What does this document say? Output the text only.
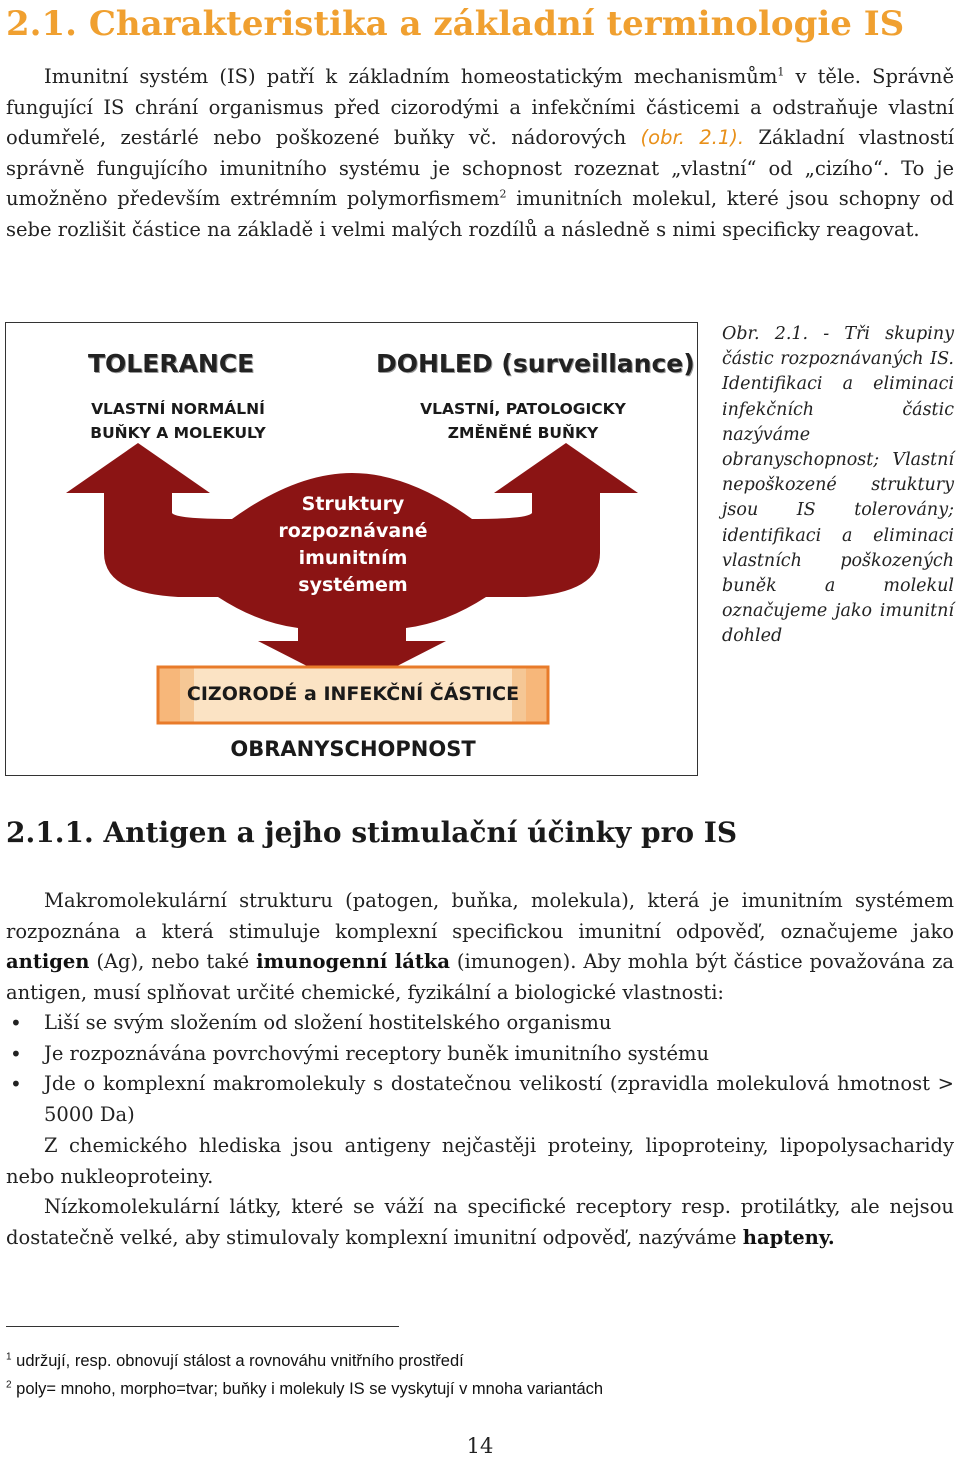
2.1. Charakteristika a základní terminologie IS

Imunitní systém (IS) patří k základním homeostatickým mechanismům$^1$ v těle. Správně fungující IS chrání organismus před cizorodými a infekčními částicemi a odstraňuje vlastní odumřelé, zestárlé nebo poškozené buňky vč. nádorových (obr. 2.1). Základní vlastností správně fungujícího imunitního systému je schopnost rozeznat „vlastní“ od „cizího“. To je umožněno především extrémním polymorfismem$^2$ imunitních molekul, které jsou schopny od sebe rozlišit částice na základě i velmi malých rozdílů a následně s nimi specificky reagovat.

TOLERANCE
VLASTNÍ NORMÁLNÍ
BUŇKY A MOLEKULY
DOHLED (surveillance)
VLASTNÍ, PATOLOGICKY
ZMĚNĚNÉ BUŇKY
Struktury
rozpoznávané
imunitním
systémem
CIZORODÉ a INFEKČNÍ ČÁSTICE
OBRANYSCHOPNOST

Obr. 2.1. - Tři skupiny částic rozpoznávaných IS. Identifikaci a eliminaci infekčních částic nazýváme obranyschopnost; Vlastní nepoškozené struktury jsou IS tolerovány; identifikaci a eliminaci vlastních poškozených buněk a molekul označujeme jako imunitní dohled

2.1.1. Antigen a jejho stimulační účinky pro IS

Makromolekulární strukturu (patogen, buňka, molekula), která je imunitním systémem rozpoznána a která stimuluje komplexní specifickou imunitní odpověď, označujeme jako antigen (Ag), nebo také imunogenní látka (imunogen). Aby mohla být částice považována za antigen, musí splňovat určité chemické, fyzikální a biologické vlastnosti:

• Liší se svým složením od složení hostitelského organismu
• Je rozpoznávána povrchovými receptory buněk imunitního systému
• Jde o komplexní makromolekuly s dostatečnou velikostí (zpravidla molekulová hmotnost > 5000 Da)

Z chemického hlediska jsou antigeny nejčastěji proteiny, lipoproteiny, lipopolysacharidy nebo nukleoproteiny.

Nízkomolekulární látky, které se váží na specifické receptory resp. protilátky, ale nejsou dostatečně velké, aby stimulovaly komplexní imunitní odpověď, nazýváme hapteny.

$^1$ udržují, resp. obnovují stálost a rovnováhu vnitřního prostředí

$^2$ poly= mnoho, morpho=tvar; buňky i molekuly IS se vyskytují v mnoha variantách

14
